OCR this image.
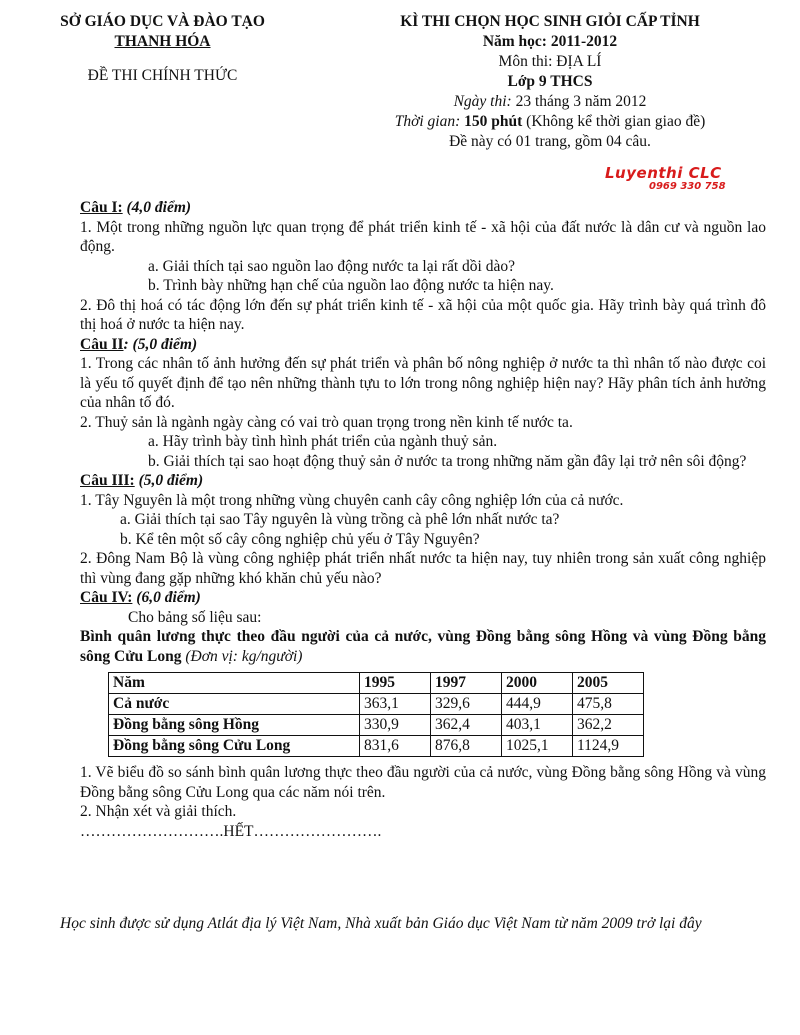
SỞ GIÁO DỤC VÀ ĐÀO TẠO
THANH HÓA
ĐỀ THI CHÍNH THỨC
KÌ THI CHỌN HỌC SINH GIỎI CẤP TỈNH
Năm học: 2011-2012
Môn thi: ĐỊA LÍ
Lớp 9 THCS
Ngày thi: 23 tháng 3 năm 2012
Thời gian: 150 phút (Không kể thời gian giao đề)
Đề này có 01 trang, gồm 04 câu.
Luyenthi CLC
0969 330 758

Câu I: (4,0 điểm)

1. Một trong những nguồn lực quan trọng để phát triển kinh tế - xã hội của đất nước là dân cư và nguồn lao động.

a. Giải thích tại sao nguồn lao động nước ta lại rất dồi dào?

b. Trình bày những hạn chế của nguồn lao động nước ta hiện nay.

2. Đô thị hoá có tác động lớn đến sự phát triển kinh tế - xã hội của một quốc gia. Hãy trình bày quá trình đô thị hoá ở nước ta hiện nay.

Câu II: (5,0 điểm)

1. Trong các nhân tố ảnh hưởng đến sự phát triển và phân bố nông nghiệp ở nước ta thì nhân tố nào được coi là yếu tố quyết định để tạo nên những thành tựu to lớn trong nông nghiệp hiện nay? Hãy phân tích ảnh hưởng của nhân tố đó.

2. Thuỷ sản là ngành ngày càng có vai trò quan trọng trong nền kinh tế nước ta.

a. Hãy trình bày tình hình phát triển của ngành thuỷ sản.

b. Giải thích tại sao hoạt động thuỷ sản ở nước ta trong những năm gần đây lại trở nên sôi động?

Câu III: (5,0 điểm)

1. Tây Nguyên là một trong những vùng chuyên canh cây công nghiệp lớn của cả nước.

a. Giải thích tại sao Tây nguyên là vùng trồng cà phê lớn nhất nước ta?

b. Kể tên một số cây công nghiệp chủ yếu ở Tây Nguyên?

2. Đông Nam Bộ là vùng công nghiệp phát triển nhất nước ta hiện nay, tuy nhiên trong sản xuất công nghiệp thì vùng đang gặp những khó khăn chủ yếu nào?

Câu IV: (6,0 điểm)

Cho bảng số liệu sau:

Bình quân lương thực theo đầu người của cả nước, vùng Đồng bằng sông Hồng và vùng Đồng bằng sông Cửu Long (Đơn vị: kg/người)

Năm	1995	1997	2000	2005
Cả nước	363,1	329,6	444,9	475,8
Đồng bằng sông Hồng	330,9	362,4	403,1	362,2
Đồng bằng sông Cửu Long	831,6	876,8	1025,1	1124,9

1. Vẽ biểu đồ so sánh bình quân lương thực theo đầu người của cả nước, vùng Đồng bằng sông Hồng và vùng Đồng bằng sông Cửu Long qua các năm nói trên.

2. Nhận xét và giải thích.

……………………….HẾT…………………….

Học sinh được sử dụng Atlát địa lý Việt Nam, Nhà xuất bản Giáo dục Việt Nam từ năm 2009 trở lại đây
